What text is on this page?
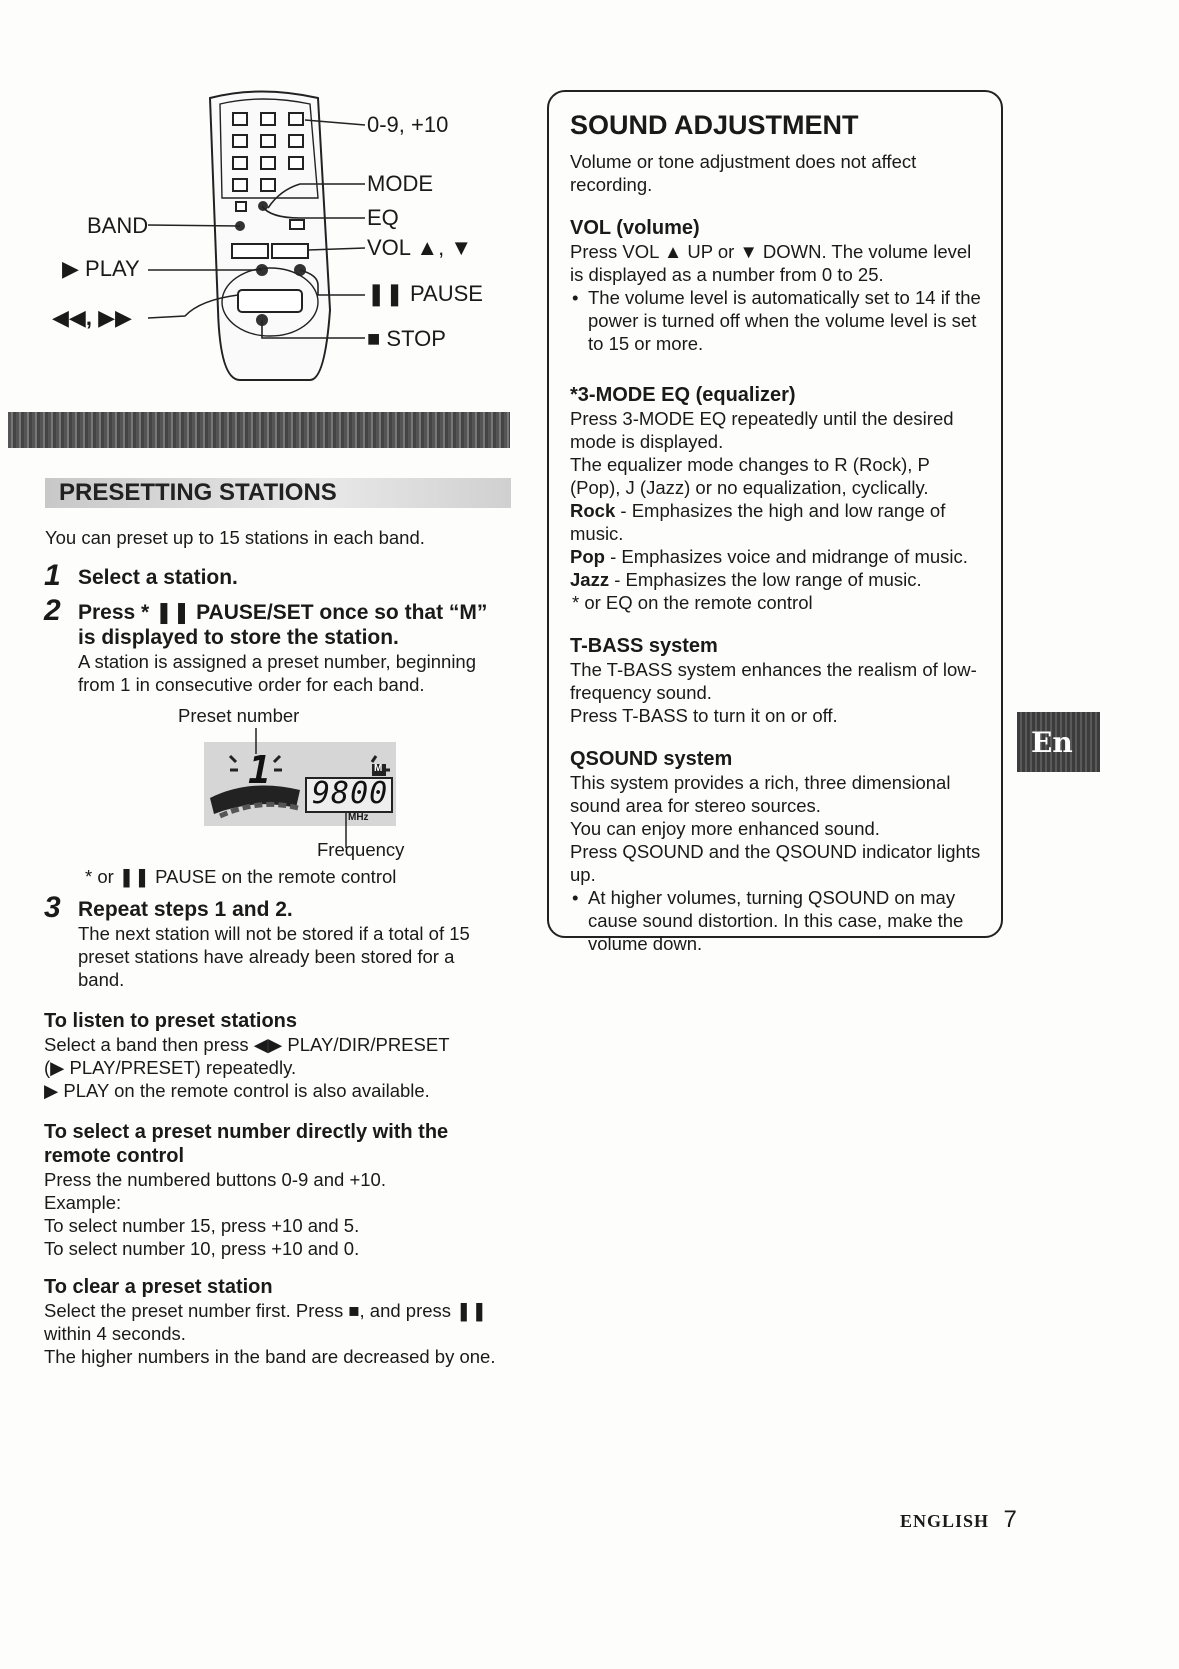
0-9, +10
MODE
EQ
VOL ▲, ▼
❚❚ PAUSE
■ STOP
BAND
▶ PLAY
◀◀, ▶▶
PRESETTING STATIONS

You can preset up to 15 stations in each band.

1 Select a station.

2 Press * ❚❚ PAUSE/SET once so that “M” is displayed to store the station.

A station is assigned a preset number, beginning from 1 in consecutive order for each band.

Preset number
1
9800
M
MHz
Frequency

* or ❚❚ PAUSE on the remote control

3 Repeat steps 1 and 2.

The next station will not be stored if a total of 15 preset stations have already been stored for a band.

To listen to preset stations

Select a band then press ◀▶ PLAY/DIR/PRESET

(▶ PLAY/PRESET) repeatedly.

▶ PLAY on the remote control is also available.

To select a preset number directly with the remote control

Press the numbered buttons 0-9 and +10.

Example:

To select number 15, press +10 and 5.

To select number 10, press +10 and 0.

To clear a preset station

Select the preset number first. Press ■, and press ❚❚ within 4 seconds.

The higher numbers in the band are decreased by one.

SOUND ADJUSTMENT

Volume or tone adjustment does not affect recording.

VOL (volume)

Press VOL ▲ UP or ▼ DOWN. The volume level is displayed as a number from 0 to 25.

• The volume level is automatically set to 14 if the power is turned off when the volume level is set to 15 or more.

*3-MODE EQ (equalizer)

Press 3-MODE EQ repeatedly until the desired mode is displayed.

The equalizer mode changes to R (Rock), P (Pop), J (Jazz) or no equalization, cyclically.

Rock - Emphasizes the high and low range of music.

Pop - Emphasizes voice and midrange of music.

Jazz - Emphasizes the low range of music.

* or EQ on the remote control

T-BASS system

The T-BASS system enhances the realism of low-frequency sound.

Press T-BASS to turn it on or off.

QSOUND system

This system provides a rich, three dimensional sound area for stereo sources.

You can enjoy more enhanced sound.

Press QSOUND and the QSOUND indicator lights up.

• At higher volumes, turning QSOUND on may cause sound distortion. In this case, make the volume down.

En
ENGLISH 7
